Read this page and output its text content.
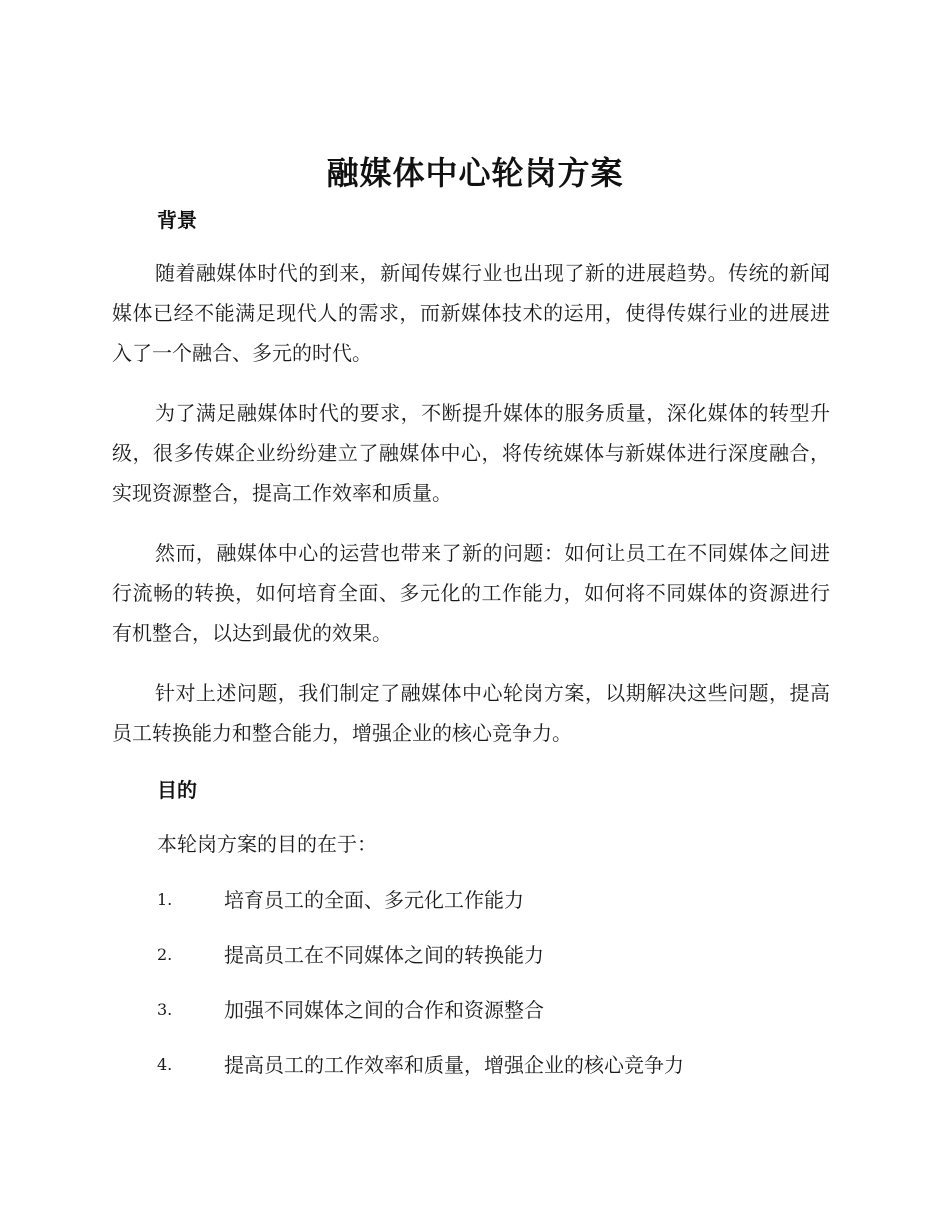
融媒体中心轮岗方案
背景

随着融媒体时代的到来，新闻传媒行业也出现了新的进展趋势。传统的新闻媒体已经不能满足现代人的需求，而新媒体技术的运用，使得传媒行业的进展进入了一个融合、多元的时代。

为了满足融媒体时代的要求，不断提升媒体的服务质量，深化媒体的转型升级，很多传媒企业纷纷建立了融媒体中心，将传统媒体与新媒体进行深度融合，实现资源整合，提高工作效率和质量。

然而，融媒体中心的运营也带来了新的问题：如何让员工在不同媒体之间进行流畅的转换，如何培育全面、多元化的工作能力，如何将不同媒体的资源进行有机整合，以达到最优的效果。

针对上述问题，我们制定了融媒体中心轮岗方案，以期解决这些问题，提高员工转换能力和整合能力，增强企业的核心竞争力。

目的

本轮岗方案的目的在于：

1.	培育员工的全面、多元化工作能力
2.	提高员工在不同媒体之间的转换能力
3.	加强不同媒体之间的合作和资源整合
4.	提高员工的工作效率和质量，增强企业的核心竞争力
